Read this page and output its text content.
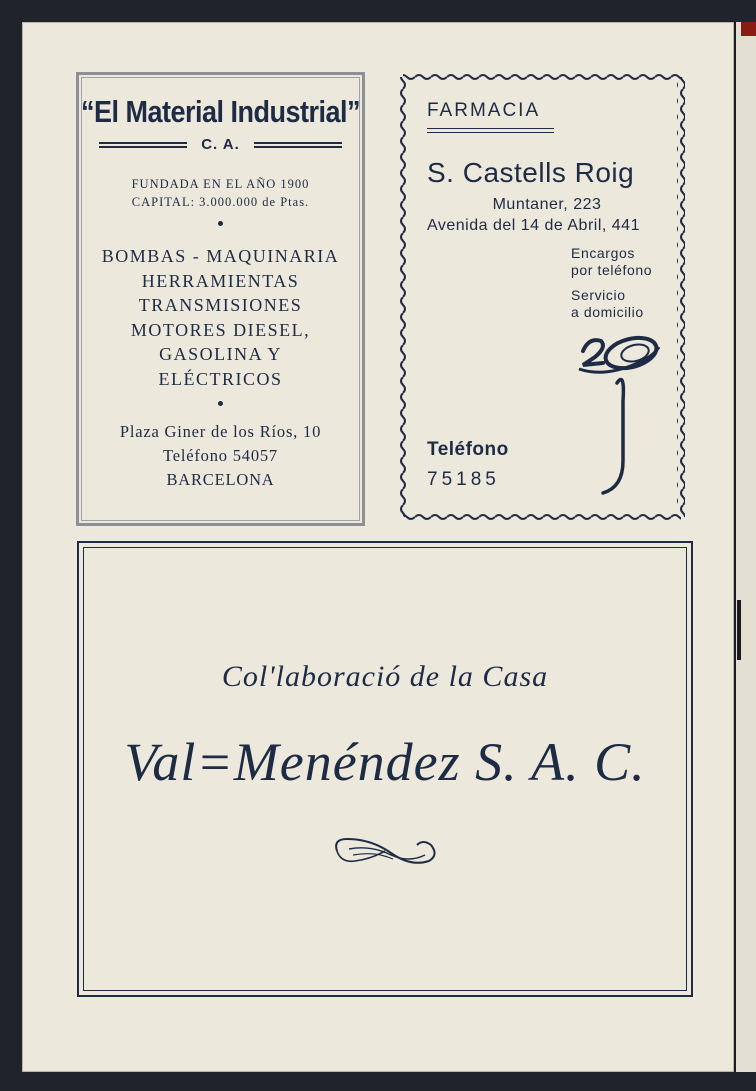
“El Material Industrial”
C. A.
FUNDADA EN EL AÑO 1900
CAPITAL: 3.000.000 de Ptas.
BOMBAS - MAQUINARIA
HERRAMIENTAS
TRANSMISIONES
MOTORES DIESEL,
GASOLINA Y
ELÉCTRICOS
Plaza Giner de los Ríos, 10
Teléfono 54057
BARCELONA
FARMACIA
S. Castells Roig
Muntaner, 223
Avenida del 14 de Abril, 441
Encargos
por teléfono
Servicio
a domicilio
Teléfono
75185
Col'laboració de la Casa
Val=Menéndez S. A. C.
